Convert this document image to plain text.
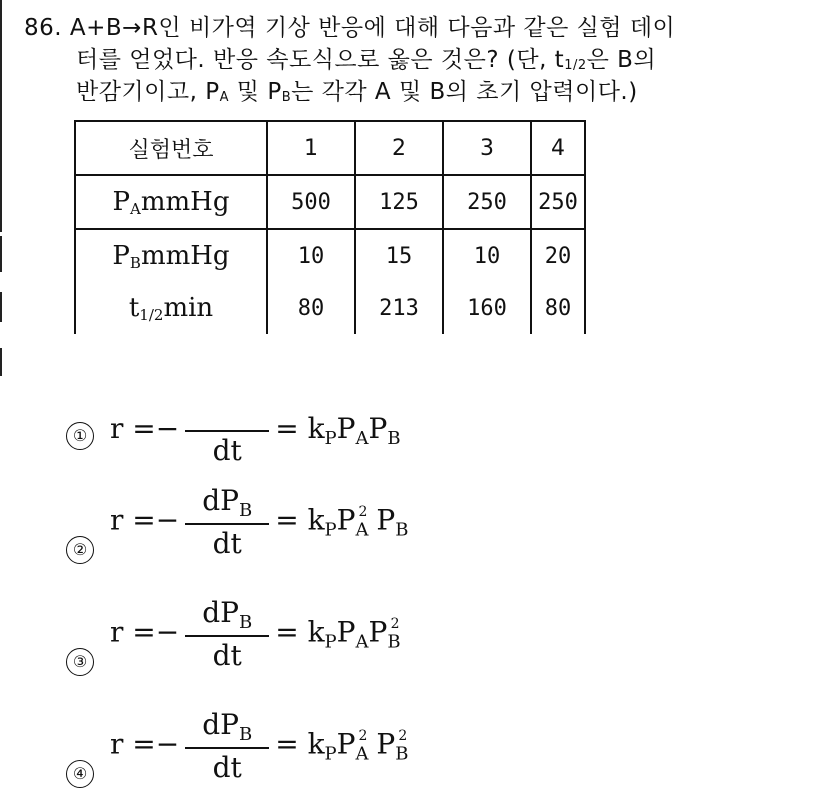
86. A+B→R인 비가역 기상 반응에 대해 다음과 같은 실험 데이
터를 얻었다. 반응 속도식으로 옳은 것은? (단, $t_{1/2}$은 B의
반감기이고, $P_A$ 및 $P_B$는 각각 A 및 B의 초기 압력이다.)
실험번호	1	2	3	4
$P_AmmHg$	500	125	250	250
$P_BmmHg$	10	15	10	20
$t_{1/2}\min$	80	213	160	80
① r =−
dt
= $k_PP_AP_B$
②
$r =- \frac{dP_B}{dt} = k_PP_A^2$ $P_B$
③
$r =- \frac{dP_B}{dt} = k_PP_AP_B^2$
④
$r =- \frac{dP_B}{dt} = k_PP_A^2$ $P_B^2$
